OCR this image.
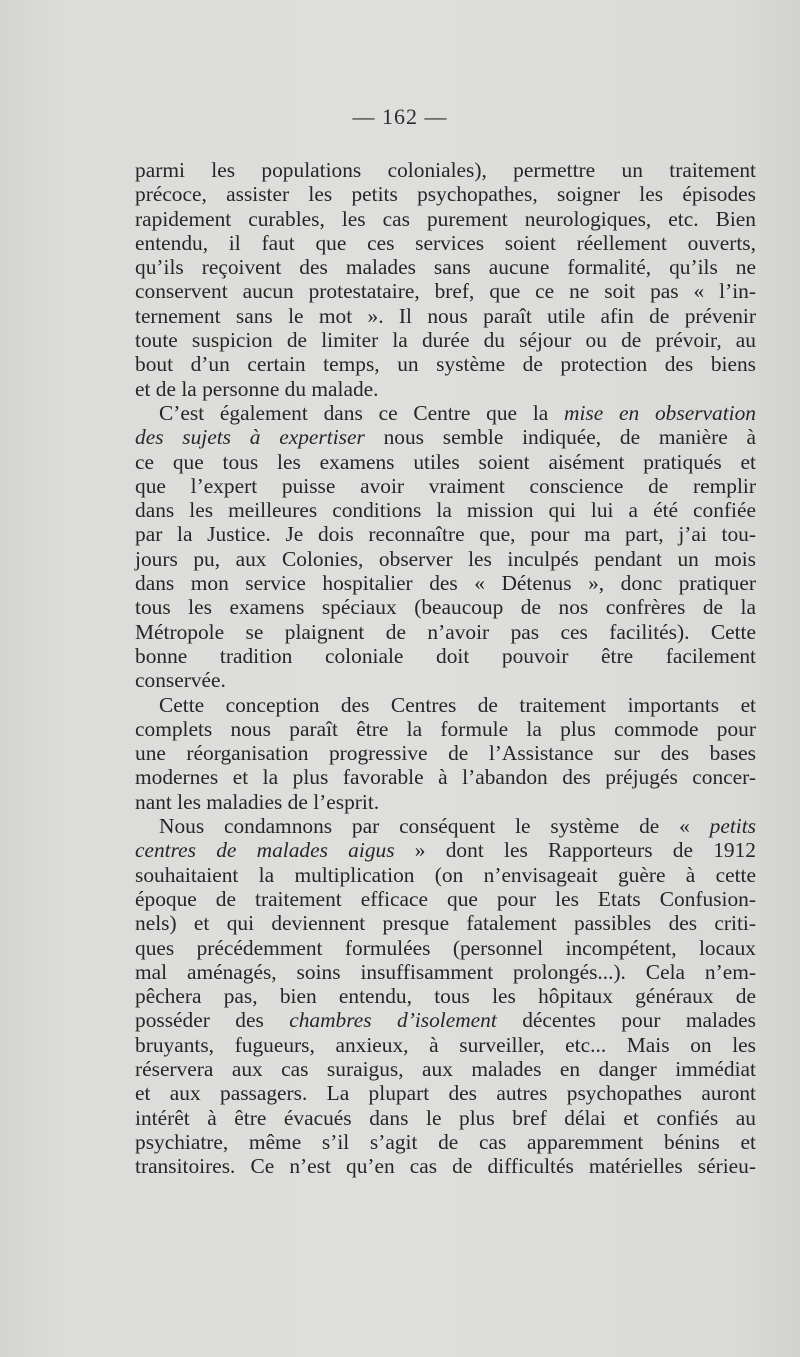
— 162 —
parmi les populations coloniales), permettre un traitement
précoce, assister les petits psychopathes, soigner les épisodes
rapidement curables, les cas purement neurologiques, etc. Bien
entendu, il faut que ces services soient réellement ouverts,
qu’ils reçoivent des malades sans aucune formalité, qu’ils ne
conservent aucun protestataire, bref, que ce ne soit pas « l’in-
ternement sans le mot ». Il nous paraît utile afin de prévenir
toute suspicion de limiter la durée du séjour ou de prévoir, au
bout d’un certain temps, un système de protection des biens
et de la personne du malade.
C’est également dans ce Centre que la mise en observation
des sujets à expertiser nous semble indiquée, de manière à
ce que tous les examens utiles soient aisément pratiqués et
que l’expert puisse avoir vraiment conscience de remplir
dans les meilleures conditions la mission qui lui a été confiée
par la Justice. Je dois reconnaître que, pour ma part, j’ai tou-
jours pu, aux Colonies, observer les inculpés pendant un mois
dans mon service hospitalier des « Détenus », donc pratiquer
tous les examens spéciaux (beaucoup de nos confrères de la
Métropole se plaignent de n’avoir pas ces facilités). Cette
bonne tradition coloniale doit pouvoir être facilement
conservée.
Cette conception des Centres de traitement importants et
complets nous paraît être la formule la plus commode pour
une réorganisation progressive de l’Assistance sur des bases
modernes et la plus favorable à l’abandon des préjugés concer-
nant les maladies de l’esprit.
Nous condamnons par conséquent le système de « petits
centres de malades aigus » dont les Rapporteurs de 1912
souhaitaient la multiplication (on n’envisageait guère à cette
époque de traitement efficace que pour les Etats Confusion-
nels) et qui deviennent presque fatalement passibles des criti-
ques précédemment formulées (personnel incompétent, locaux
mal aménagés, soins insuffisamment prolongés...). Cela n’em-
pêchera pas, bien entendu, tous les hôpitaux généraux de
posséder des chambres d’isolement décentes pour malades
bruyants, fugueurs, anxieux, à surveiller, etc... Mais on les
réservera aux cas suraigus, aux malades en danger immédiat
et aux passagers. La plupart des autres psychopathes auront
intérêt à être évacués dans le plus bref délai et confiés au
psychiatre, même s’il s’agit de cas apparemment bénins et
transitoires. Ce n’est qu’en cas de difficultés matérielles sérieu-
